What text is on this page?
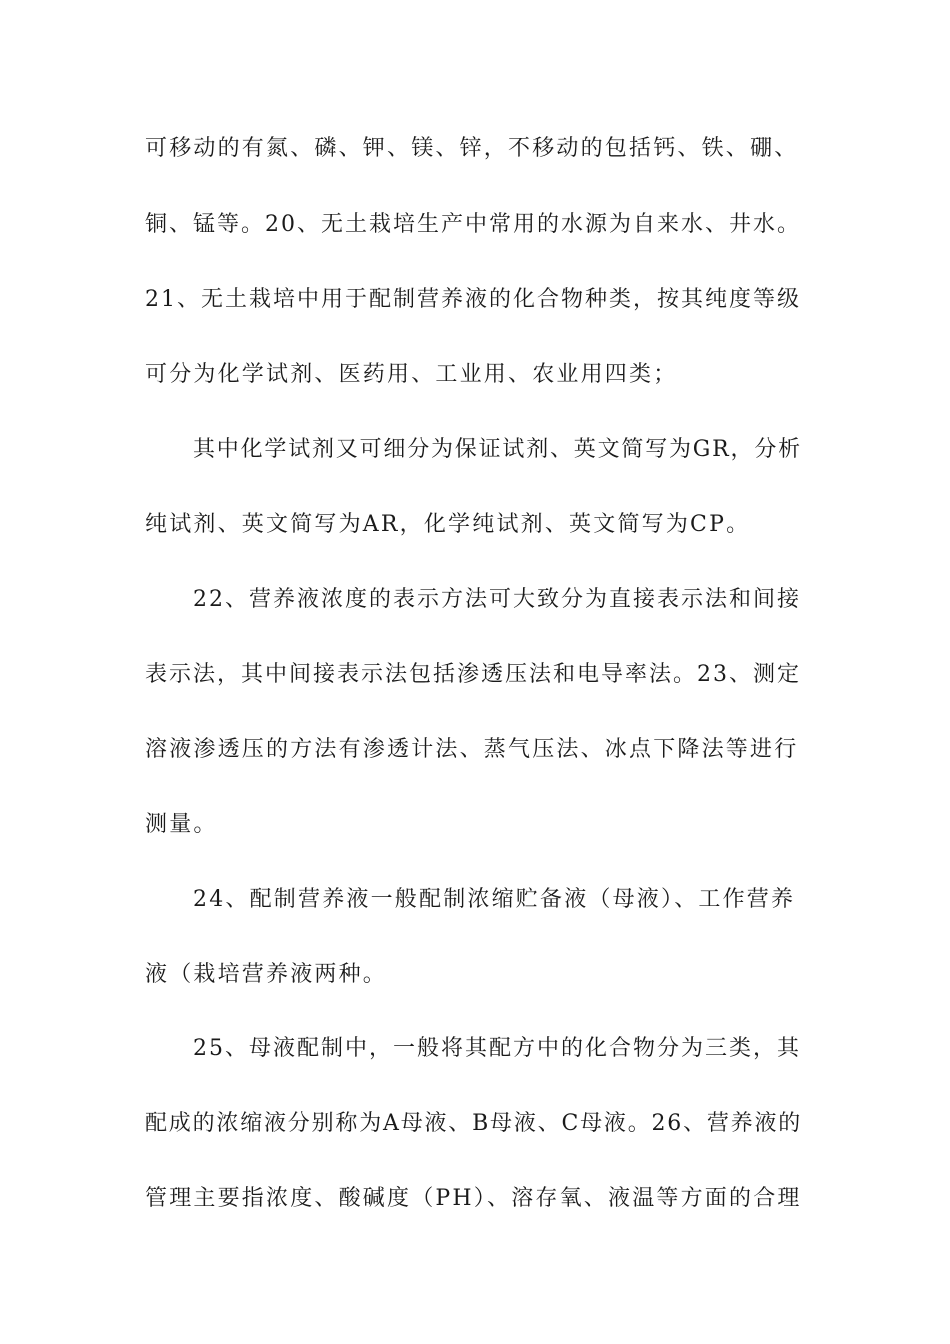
可移动的有氮、磷、钾、镁、锌，不移动的包括钙、铁、硼、
铜、锰等。20、无土栽培生产中常用的水源为自来水、井水。
21、无土栽培中用于配制营养液的化合物种类，按其纯度等级
可分为化学试剂、医药用、工业用、农业用四类；
其中化学试剂又可细分为保证试剂、英文简写为GR，分析
纯试剂、英文简写为AR，化学纯试剂、英文简写为CP。
22、营养液浓度的表示方法可大致分为直接表示法和间接
表示法，其中间接表示法包括渗透压法和电导率法。23、测定
溶液渗透压的方法有渗透计法、蒸气压法、冰点下降法等进行
测量。
24、配制营养液一般配制浓缩贮备液（母液）、工作营养
液（栽培营养液两种。
25、母液配制中，一般将其配方中的化合物分为三类，其
配成的浓缩液分别称为A母液、B母液、C母液。26、营养液的
管理主要指浓度、酸碱度（PH）、溶存氧、液温等方面的合理
